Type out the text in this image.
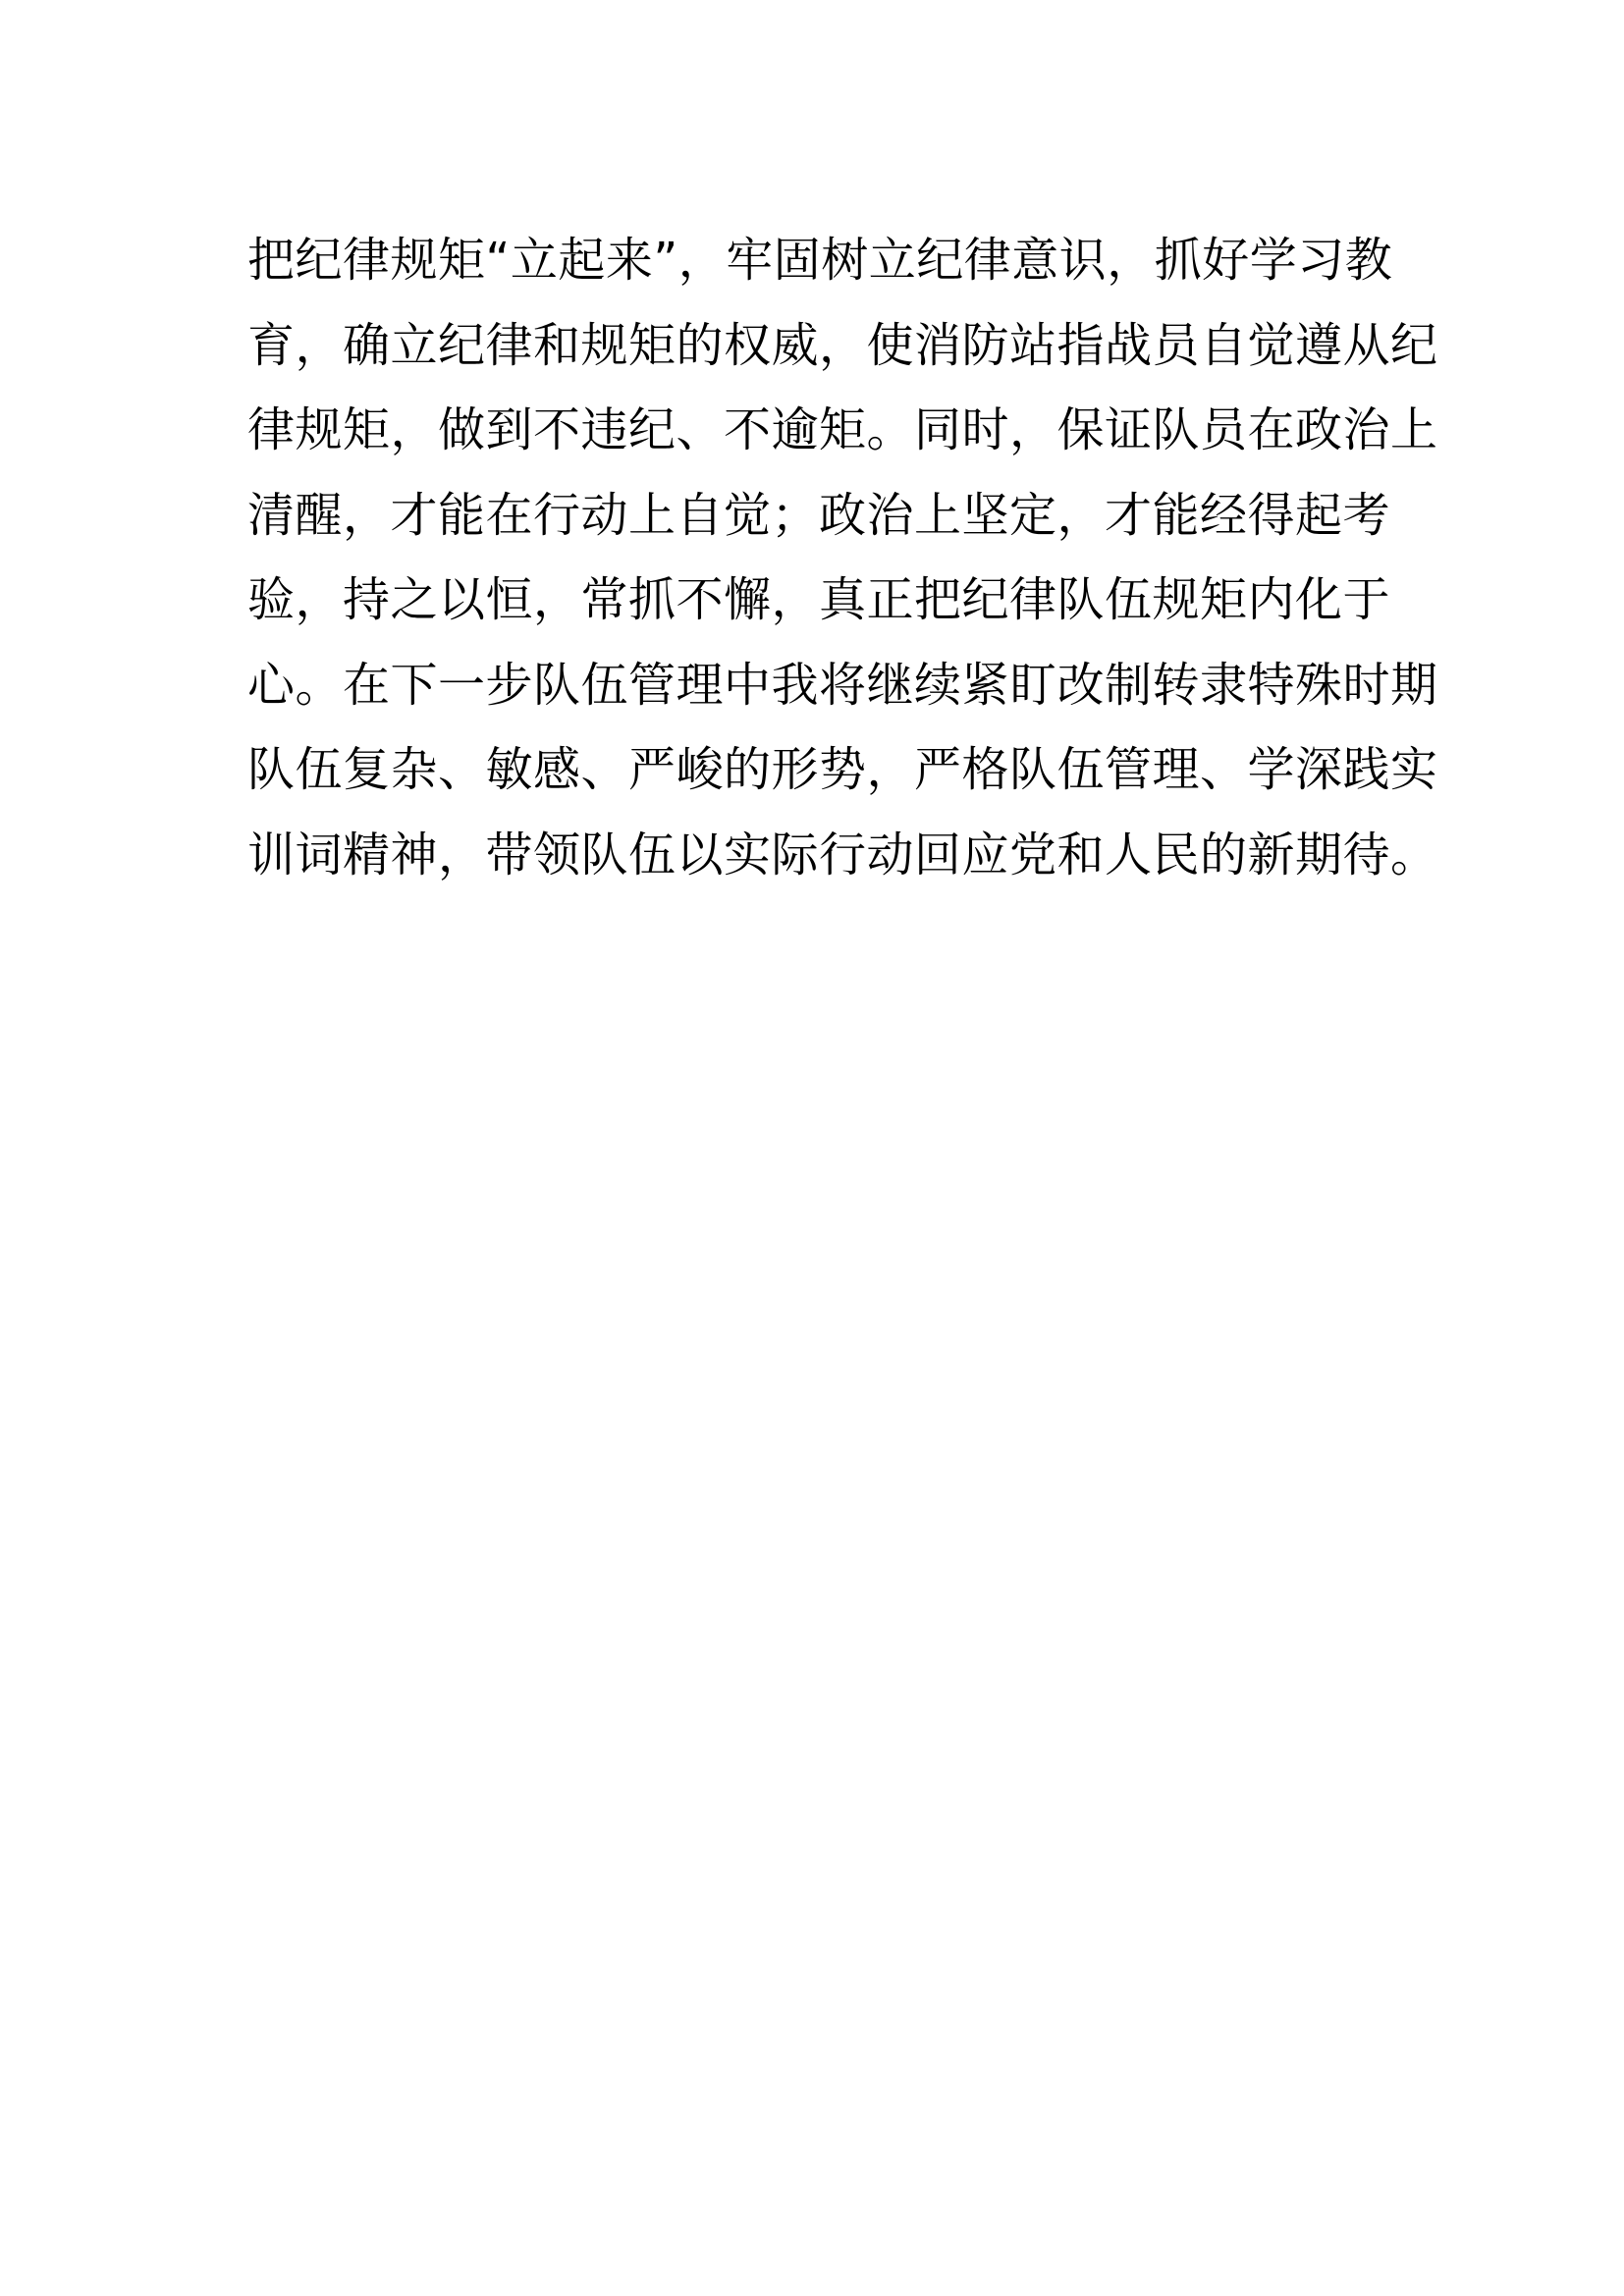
把纪律规矩“立起来”，牢固树立纪律意识，抓好学习教
育，确立纪律和规矩的权威，使消防站指战员自觉遵从纪
律规矩，做到不违纪、不逾矩。同时，保证队员在政治上
清醒，才能在行动上自觉；政治上坚定，才能经得起考
验，持之以恒，常抓不懈，真正把纪律队伍规矩内化于
心。在下一步队伍管理中我将继续紧盯改制转隶特殊时期
队伍复杂、敏感、严峻的形势，严格队伍管理、学深践实
训词精神，带领队伍以实际行动回应党和人民的新期待。
